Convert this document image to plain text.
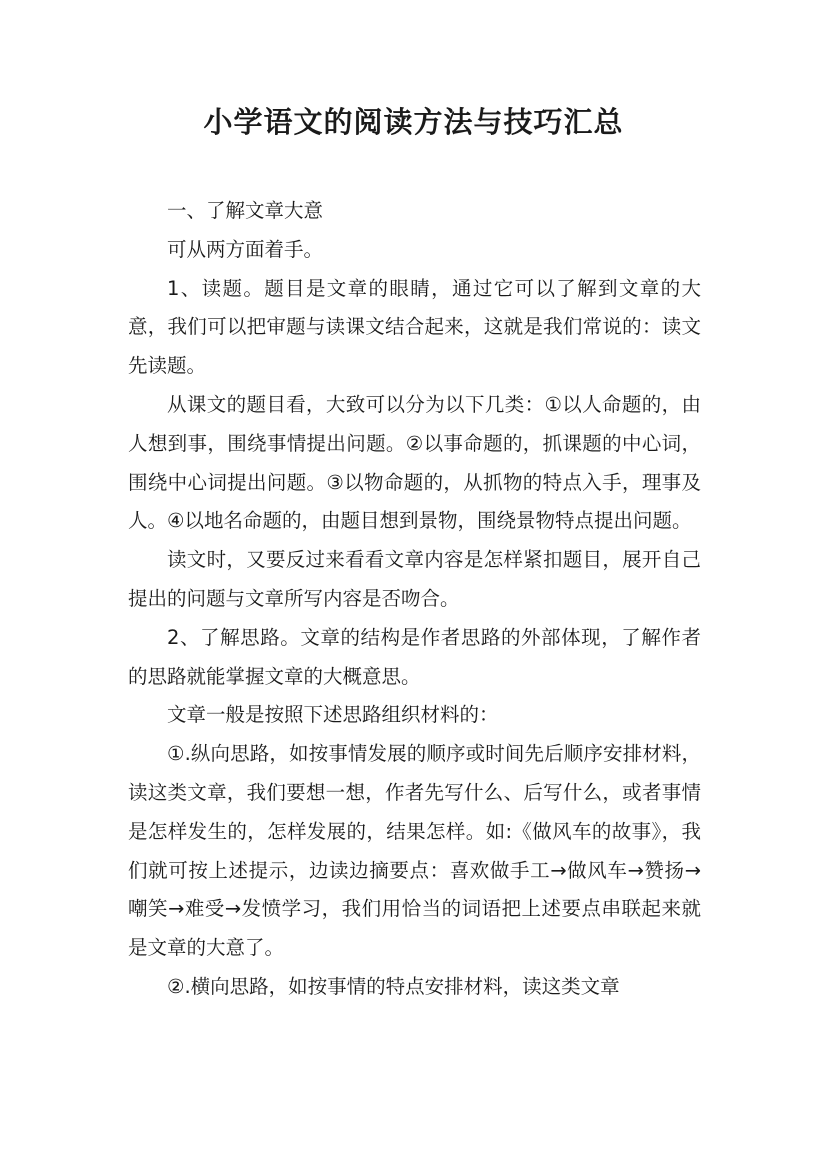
小学语文的阅读方法与技巧汇总

一、了解文章大意

可从两方面着手。

1、读题。题目是文章的眼睛，通过它可以了解到文章的大意，我们可以把审题与读课文结合起来，这就是我们常说的：读文先读题。

从课文的题目看，大致可以分为以下几类：①以人命题的，由人想到事，围绕事情提出问题。②以事命题的，抓课题的中心词，围绕中心词提出问题。③以物命题的，从抓物的特点入手，理事及人。④以地名命题的，由题目想到景物，围绕景物特点提出问题。

读文时，又要反过来看看文章内容是怎样紧扣题目，展开自己提出的问题与文章所写内容是否吻合。

2、了解思路。文章的结构是作者思路的外部体现，了解作者的思路就能掌握文章的大概意思。

文章一般是按照下述思路组织材料的：

①.纵向思路，如按事情发展的顺序或时间先后顺序安排材料，读这类文章，我们要想一想，作者先写什么、后写什么，或者事情是怎样发生的，怎样发展的，结果怎样。如:《做风车的故事》，我们就可按上述提示，边读边摘要点：喜欢做手工→做风车→赞扬→嘲笑→难受→发愤学习，我们用恰当的词语把上述要点串联起来就是文章的大意了。

②.横向思路，如按事情的特点安排材料，读这类文章
